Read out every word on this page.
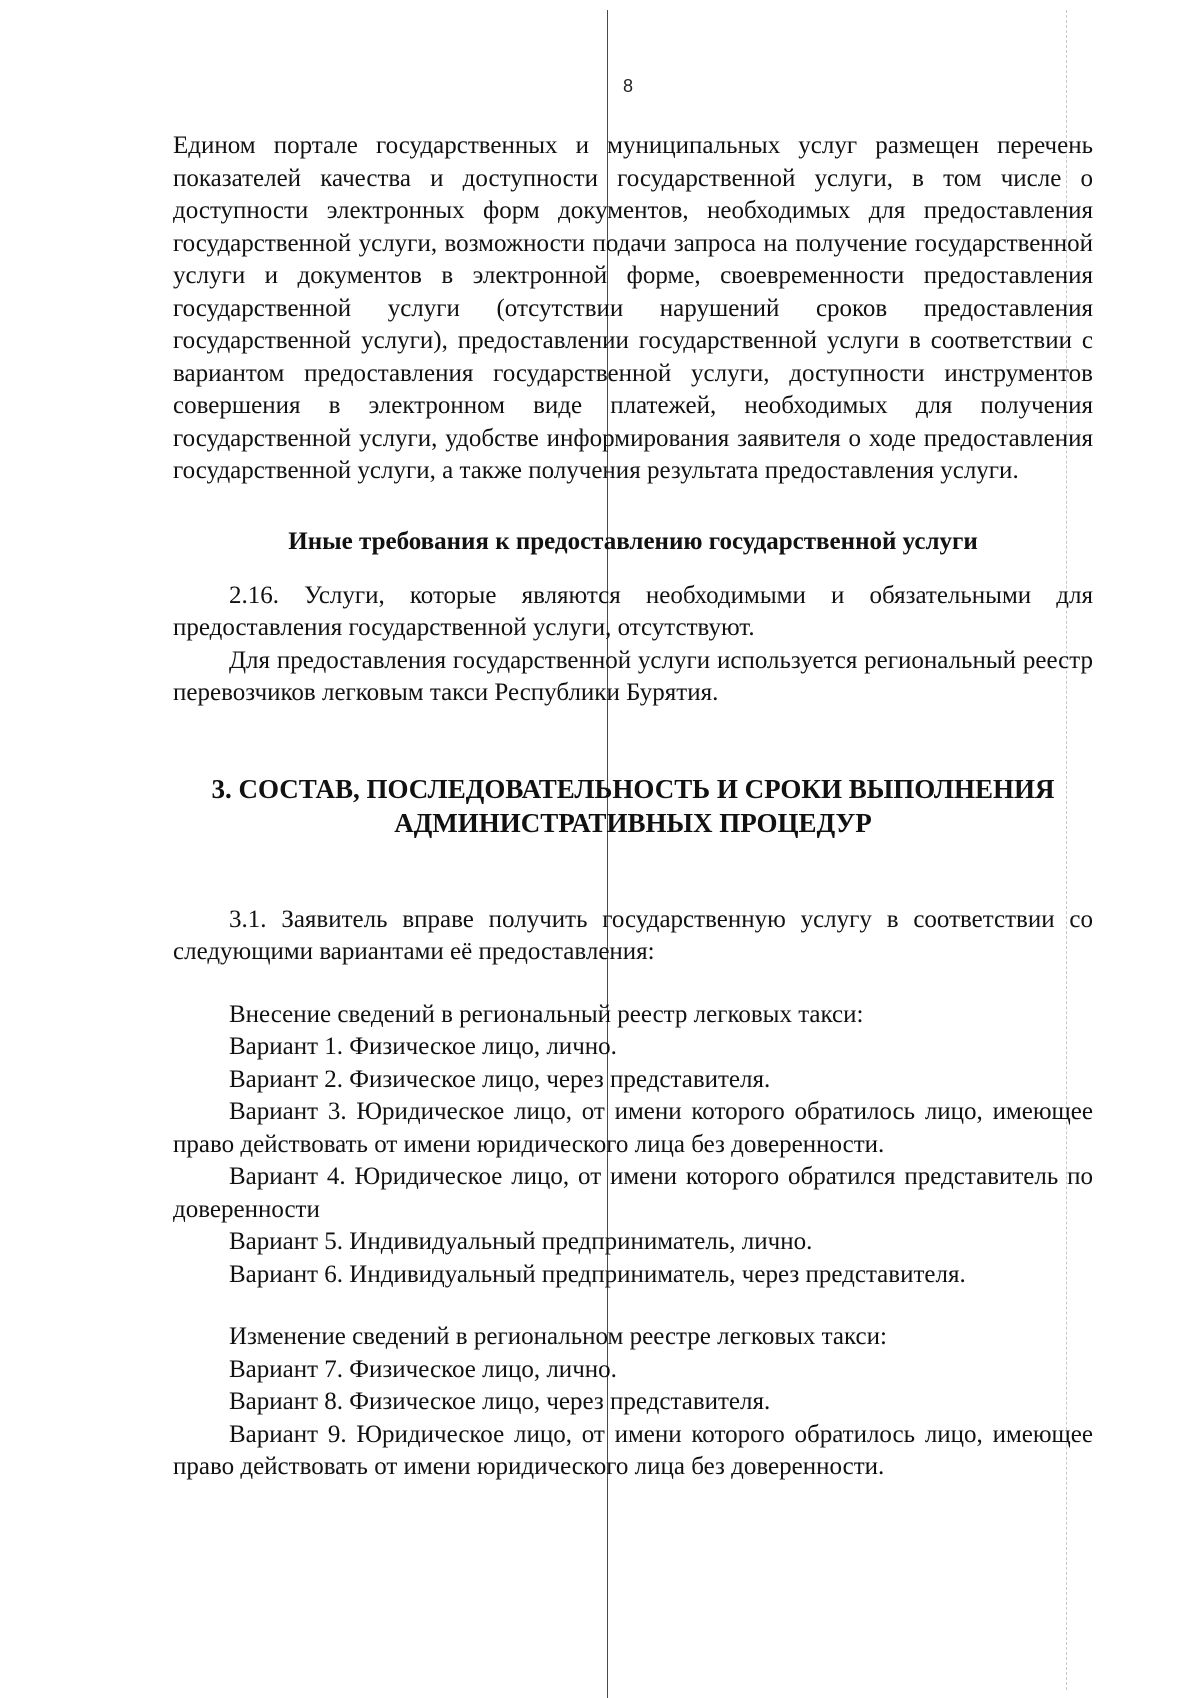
8

Едином портале государственных и муниципальных услуг размещен перечень показателей качества и доступности государственной услуги, в том числе о доступности электронных форм документов, необходимых для предоставления государственной услуги, возможности подачи запроса на получение государственной услуги и документов в электронной форме, своевременности предоставления государственной услуги (отсутствии нарушений сроков предоставления государственной услуги), предоставлении государственной услуги в соответствии с вариантом предоставления государственной услуги, доступности инструментов совершения в электронном виде платежей, необходимых для получения государственной услуги, удобстве информирования заявителя о ходе предоставления государственной услуги, а также получения результата предоставления услуги.

Иные требования к предоставлению государственной услуги

2.16. Услуги, которые являются необходимыми и обязательными для предоставления государственной услуги, отсутствуют.

Для предоставления государственной услуги используется региональный реестр перевозчиков легковым такси Республики Бурятия.

3. СОСТАВ, ПОСЛЕДОВАТЕЛЬНОСТЬ И СРОКИ ВЫПОЛНЕНИЯ

АДМИНИСТРАТИВНЫХ ПРОЦЕДУР

3.1. Заявитель вправе получить государственную услугу в соответствии со следующими вариантами её предоставления:

Внесение сведений в региональный реестр легковых такси:

Вариант 1. Физическое лицо, лично.

Вариант 2. Физическое лицо, через представителя.

Вариант 3. Юридическое лицо, от имени которого обратилось лицо, имеющее право действовать от имени юридического лица без доверенности.

Вариант 4. Юридическое лицо, от имени которого обратился представитель по доверенности

Вариант 5. Индивидуальный предприниматель, лично.

Вариант 6. Индивидуальный предприниматель, через представителя.

Изменение сведений в региональном реестре легковых такси:

Вариант 7. Физическое лицо, лично.

Вариант 8. Физическое лицо, через представителя.

Вариант 9. Юридическое лицо, от имени которого обратилось лицо, имеющее право действовать от имени юридического лица без доверенности.
